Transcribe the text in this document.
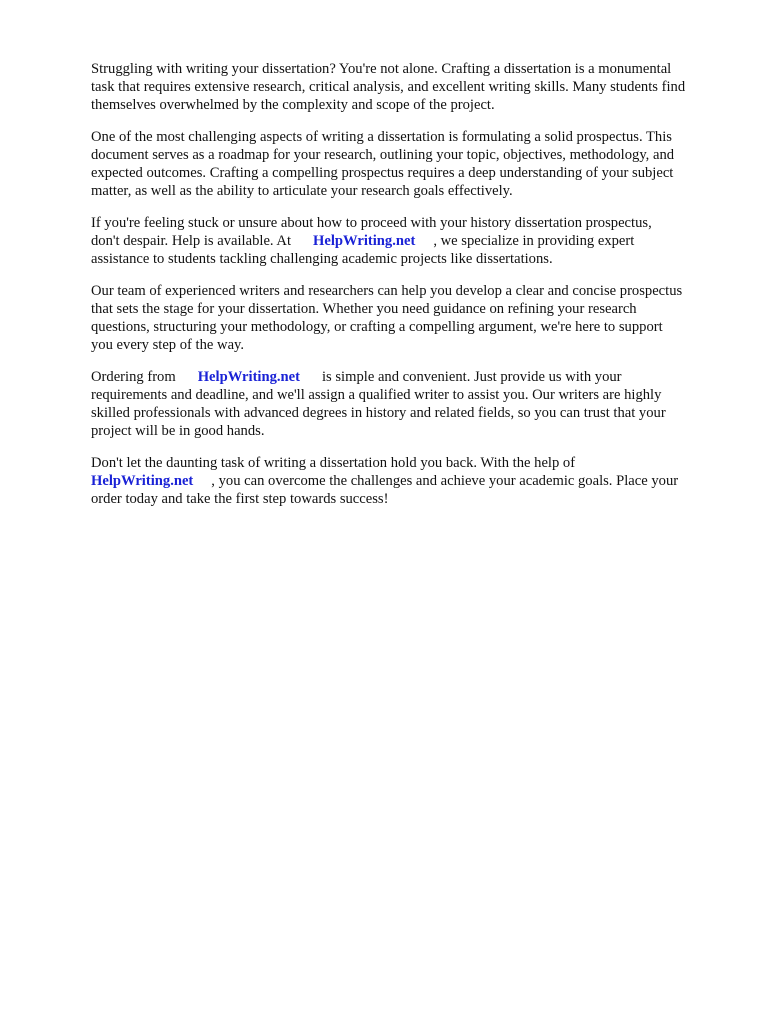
Struggling with writing your dissertation? You're not alone. Crafting a dissertation is a monumental
task that requires extensive research, critical analysis, and excellent writing skills. Many students find
themselves overwhelmed by the complexity and scope of the project.

One of the most challenging aspects of writing a dissertation is formulating a solid prospectus. This
document serves as a roadmap for your research, outlining your topic, objectives, methodology, and
expected outcomes. Crafting a compelling prospectus requires a deep understanding of your subject
matter, as well as the ability to articulate your research goals effectively.

If you're feeling stuck or unsure about how to proceed with your history dissertation prospectus,
don't despair. Help is available. At HelpWriting.net , we specialize in providing expert
assistance to students tackling challenging academic projects like dissertations.

Our team of experienced writers and researchers can help you develop a clear and concise prospectus
that sets the stage for your dissertation. Whether you need guidance on refining your research
questions, structuring your methodology, or crafting a compelling argument, we're here to support
you every step of the way.

Ordering from HelpWriting.net is simple and convenient. Just provide us with your
requirements and deadline, and we'll assign a qualified writer to assist you. Our writers are highly
skilled professionals with advanced degrees in history and related fields, so you can trust that your
project will be in good hands.

Don't let the daunting task of writing a dissertation hold you back. With the help of
HelpWriting.net , you can overcome the challenges and achieve your academic goals. Place your
order today and take the first step towards success!
